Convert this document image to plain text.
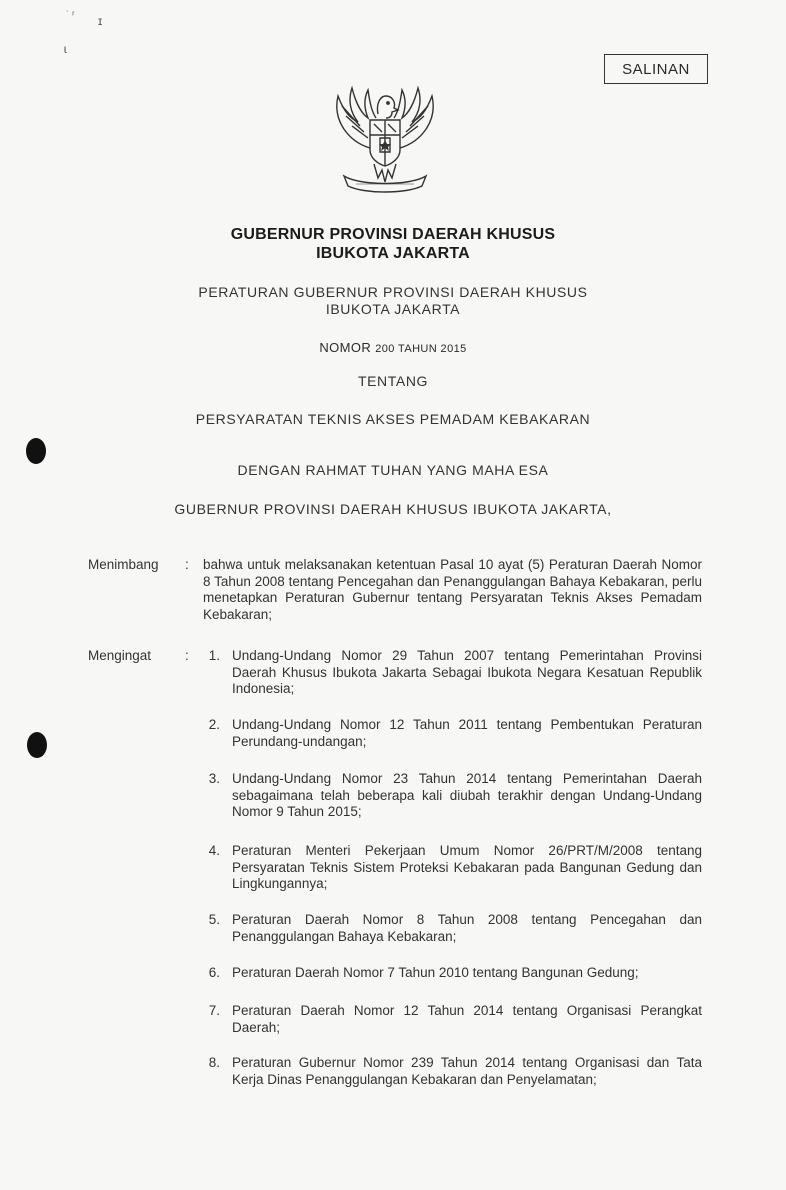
˙ ʳ ɪ
ɩ
SALINAN
GUBERNUR PROVINSI DAERAH KHUSUS
IBUKOTA JAKARTA
PERATURAN GUBERNUR PROVINSI DAERAH KHUSUS
IBUKOTA JAKARTA
NOMOR 200 TAHUN 2015
TENTANG
PERSYARATAN TEKNIS AKSES PEMADAM KEBAKARAN
DENGAN RAHMAT TUHAN YANG MAHA ESA
GUBERNUR PROVINSI DAERAH KHUSUS IBUKOTA JAKARTA,
Menimbang : bahwa untuk melaksanakan ketentuan Pasal 10 ayat (5) Peraturan Daerah Nomor 8 Tahun 2008 tentang Pencegahan dan Penanggulangan Bahaya Kebakaran, perlu menetapkan Peraturan Gubernur tentang Persyaratan Teknis Akses Pemadam Kebakaran;
Mengingat	:	1. Undang-Undang Nomor 29 Tahun 2007 tentang Pemerintahan Provinsi Daerah Khusus Ibukota Jakarta Sebagai Ibukota Negara Kesatuan Republik Indonesia;
2. Undang-Undang Nomor 12 Tahun 2011 tentang Pembentukan Peraturan Perundang-undangan;
3. Undang-Undang Nomor 23 Tahun 2014 tentang Pemerintahan Daerah sebagaimana telah beberapa kali diubah terakhir dengan Undang-Undang Nomor 9 Tahun 2015;
4. Peraturan Menteri Pekerjaan Umum Nomor 26/PRT/M/2008 tentang Persyaratan Teknis Sistem Proteksi Kebakaran pada Bangunan Gedung dan Lingkungannya;
5. Peraturan Daerah Nomor 8 Tahun 2008 tentang Pencegahan dan Penanggulangan Bahaya Kebakaran;
6. Peraturan Daerah Nomor 7 Tahun 2010 tentang Bangunan Gedung;
7. Peraturan Daerah Nomor 12 Tahun 2014 tentang Organisasi Perangkat Daerah;
8. Peraturan Gubernur Nomor 239 Tahun 2014 tentang Organisasi dan Tata Kerja Dinas Penanggulangan Kebakaran dan Penyelamatan;
